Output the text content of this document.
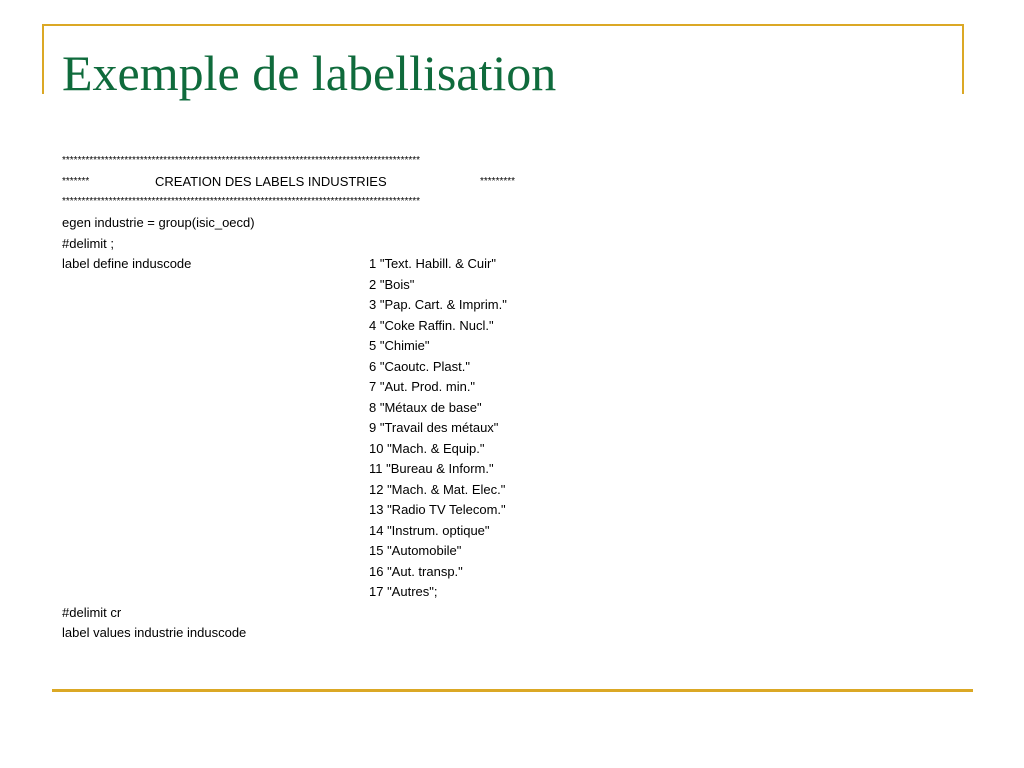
Exemple de labellisation
********************************************************************************************
*******	CREATION DES LABELS INDUSTRIES	*********
********************************************************************************************
egen industrie = group(isic_oecd)
#delimit ;
label define induscode	1 "Text. Habill. & Cuir"
2 "Bois"
3 "Pap. Cart. & Imprim."
4 "Coke Raffin. Nucl."
5 "Chimie"
6 "Caoutc. Plast."
7 "Aut. Prod. min."
8 "Métaux de base"
9 "Travail des métaux"
10 "Mach. & Equip."
11 "Bureau & Inform."
12 "Mach. & Mat. Elec."
13 "Radio TV Telecom."
14 "Instrum. optique"
15 "Automobile"
16 "Aut. transp."
17 "Autres";
#delimit cr
label values industrie induscode
